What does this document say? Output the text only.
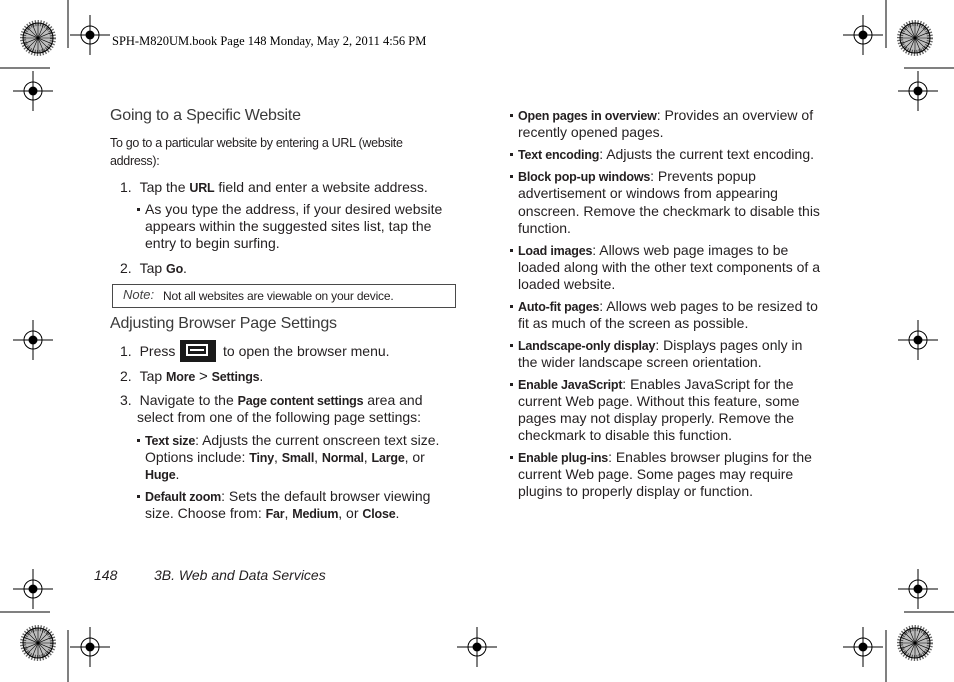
SPH-M820UM.book Page 148 Monday, May 2, 2011 4:56 PM
Going to a Specific Website
To go to a particular website by entering a URL (website
address):
1. Tap the URL field and enter a website address.
As you type the address, if your desired website
appears within the suggested sites list, tap the
entry to begin surfing.
2. Tap Go.
Note: Not all websites are viewable on your device.
Adjusting Browser Page Settings
1. Press	to open the browser menu.
2. Tap More > Settings.
3. Navigate to the Page content settings area and
select from one of the following page settings:
Text size: Adjusts the current onscreen text size.
Options include: Tiny, Small, Normal, Large, or
Huge.
Default zoom: Sets the default browser viewing
size. Choose from: Far, Medium, or Close.
Open pages in overview: Provides an overview of
recently opened pages.
Text encoding: Adjusts the current text encoding.
Block pop-up windows: Prevents popup
advertisement or windows from appearing
onscreen. Remove the checkmark to disable this
function.
Load images: Allows web page images to be
loaded along with the other text components of a
loaded website.
Auto-fit pages: Allows web pages to be resized to
fit as much of the screen as possible.
Landscape-only display: Displays pages only in
the wider landscape screen orientation.
Enable JavaScript: Enables JavaScript for the
current Web page. Without this feature, some
pages may not display properly. Remove the
checkmark to disable this function.
Enable plug-ins: Enables browser plugins for the
current Web page. Some pages may require
plugins to properly display or function.
148	3B. Web and Data Services
